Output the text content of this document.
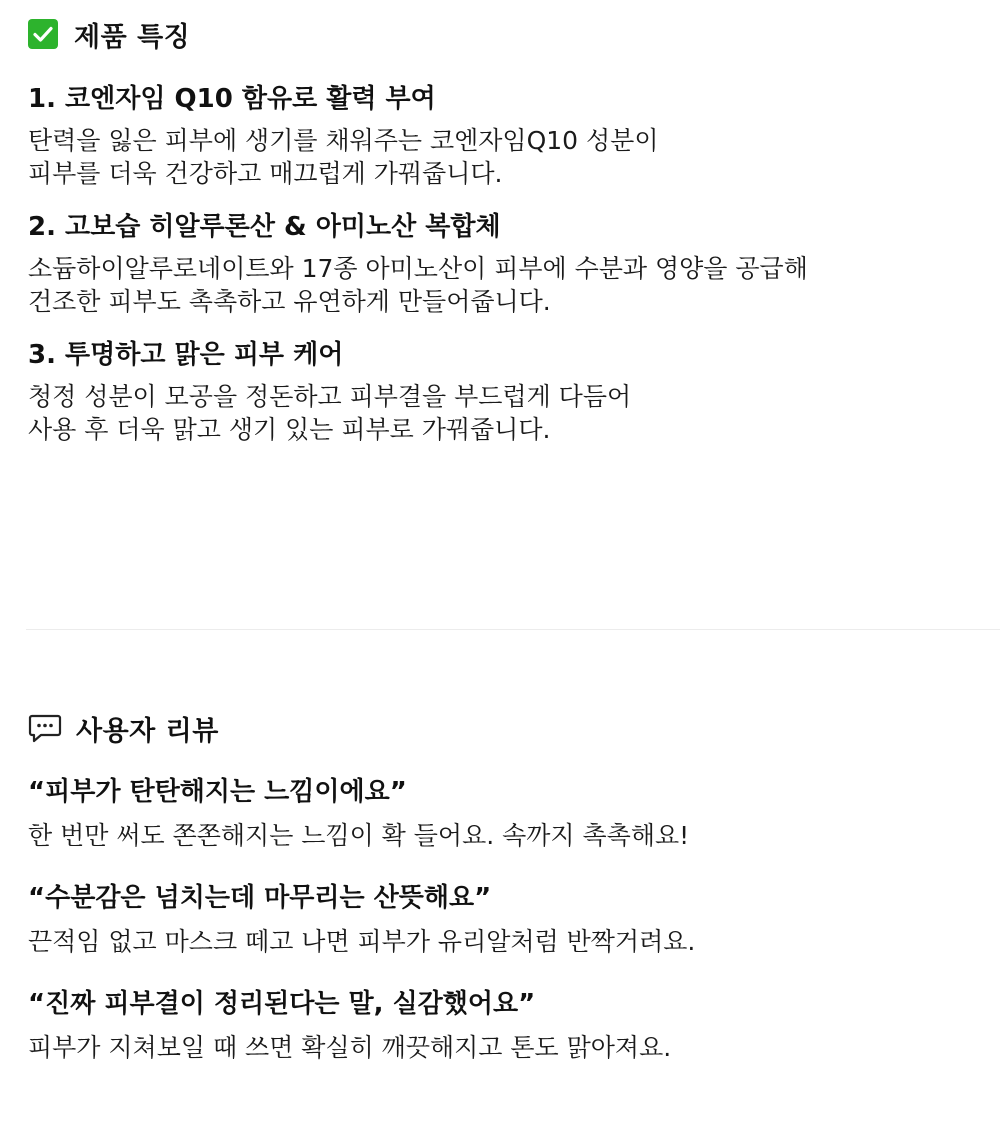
제품 특징
1. 코엔자임 Q10 함유로 활력 부여
탄력을 잃은 피부에 생기를 채워주는 코엔자임Q10 성분이
피부를 더욱 건강하고 매끄럽게 가꿔줍니다.
2. 고보습 히알루론산 & 아미노산 복합체
소듐하이알루로네이트와 17종 아미노산이 피부에 수분과 영양을 공급해
건조한 피부도 촉촉하고 유연하게 만들어줍니다.
3. 투명하고 맑은 피부 케어
청정 성분이 모공을 정돈하고 피부결을 부드럽게 다듬어
사용 후 더욱 맑고 생기 있는 피부로 가꿔줍니다.
사용자 리뷰
“피부가 탄탄해지는 느낌이에요”
한 번만 써도 쫀쫀해지는 느낌이 확 들어요. 속까지 촉촉해요!
“수분감은 넘치는데 마무리는 산뜻해요”
끈적임 없고 마스크 떼고 나면 피부가 유리알처럼 반짝거려요.
“진짜 피부결이 정리된다는 말, 실감했어요”
피부가 지쳐보일 때 쓰면 확실히 깨끗해지고 톤도 맑아져요.
